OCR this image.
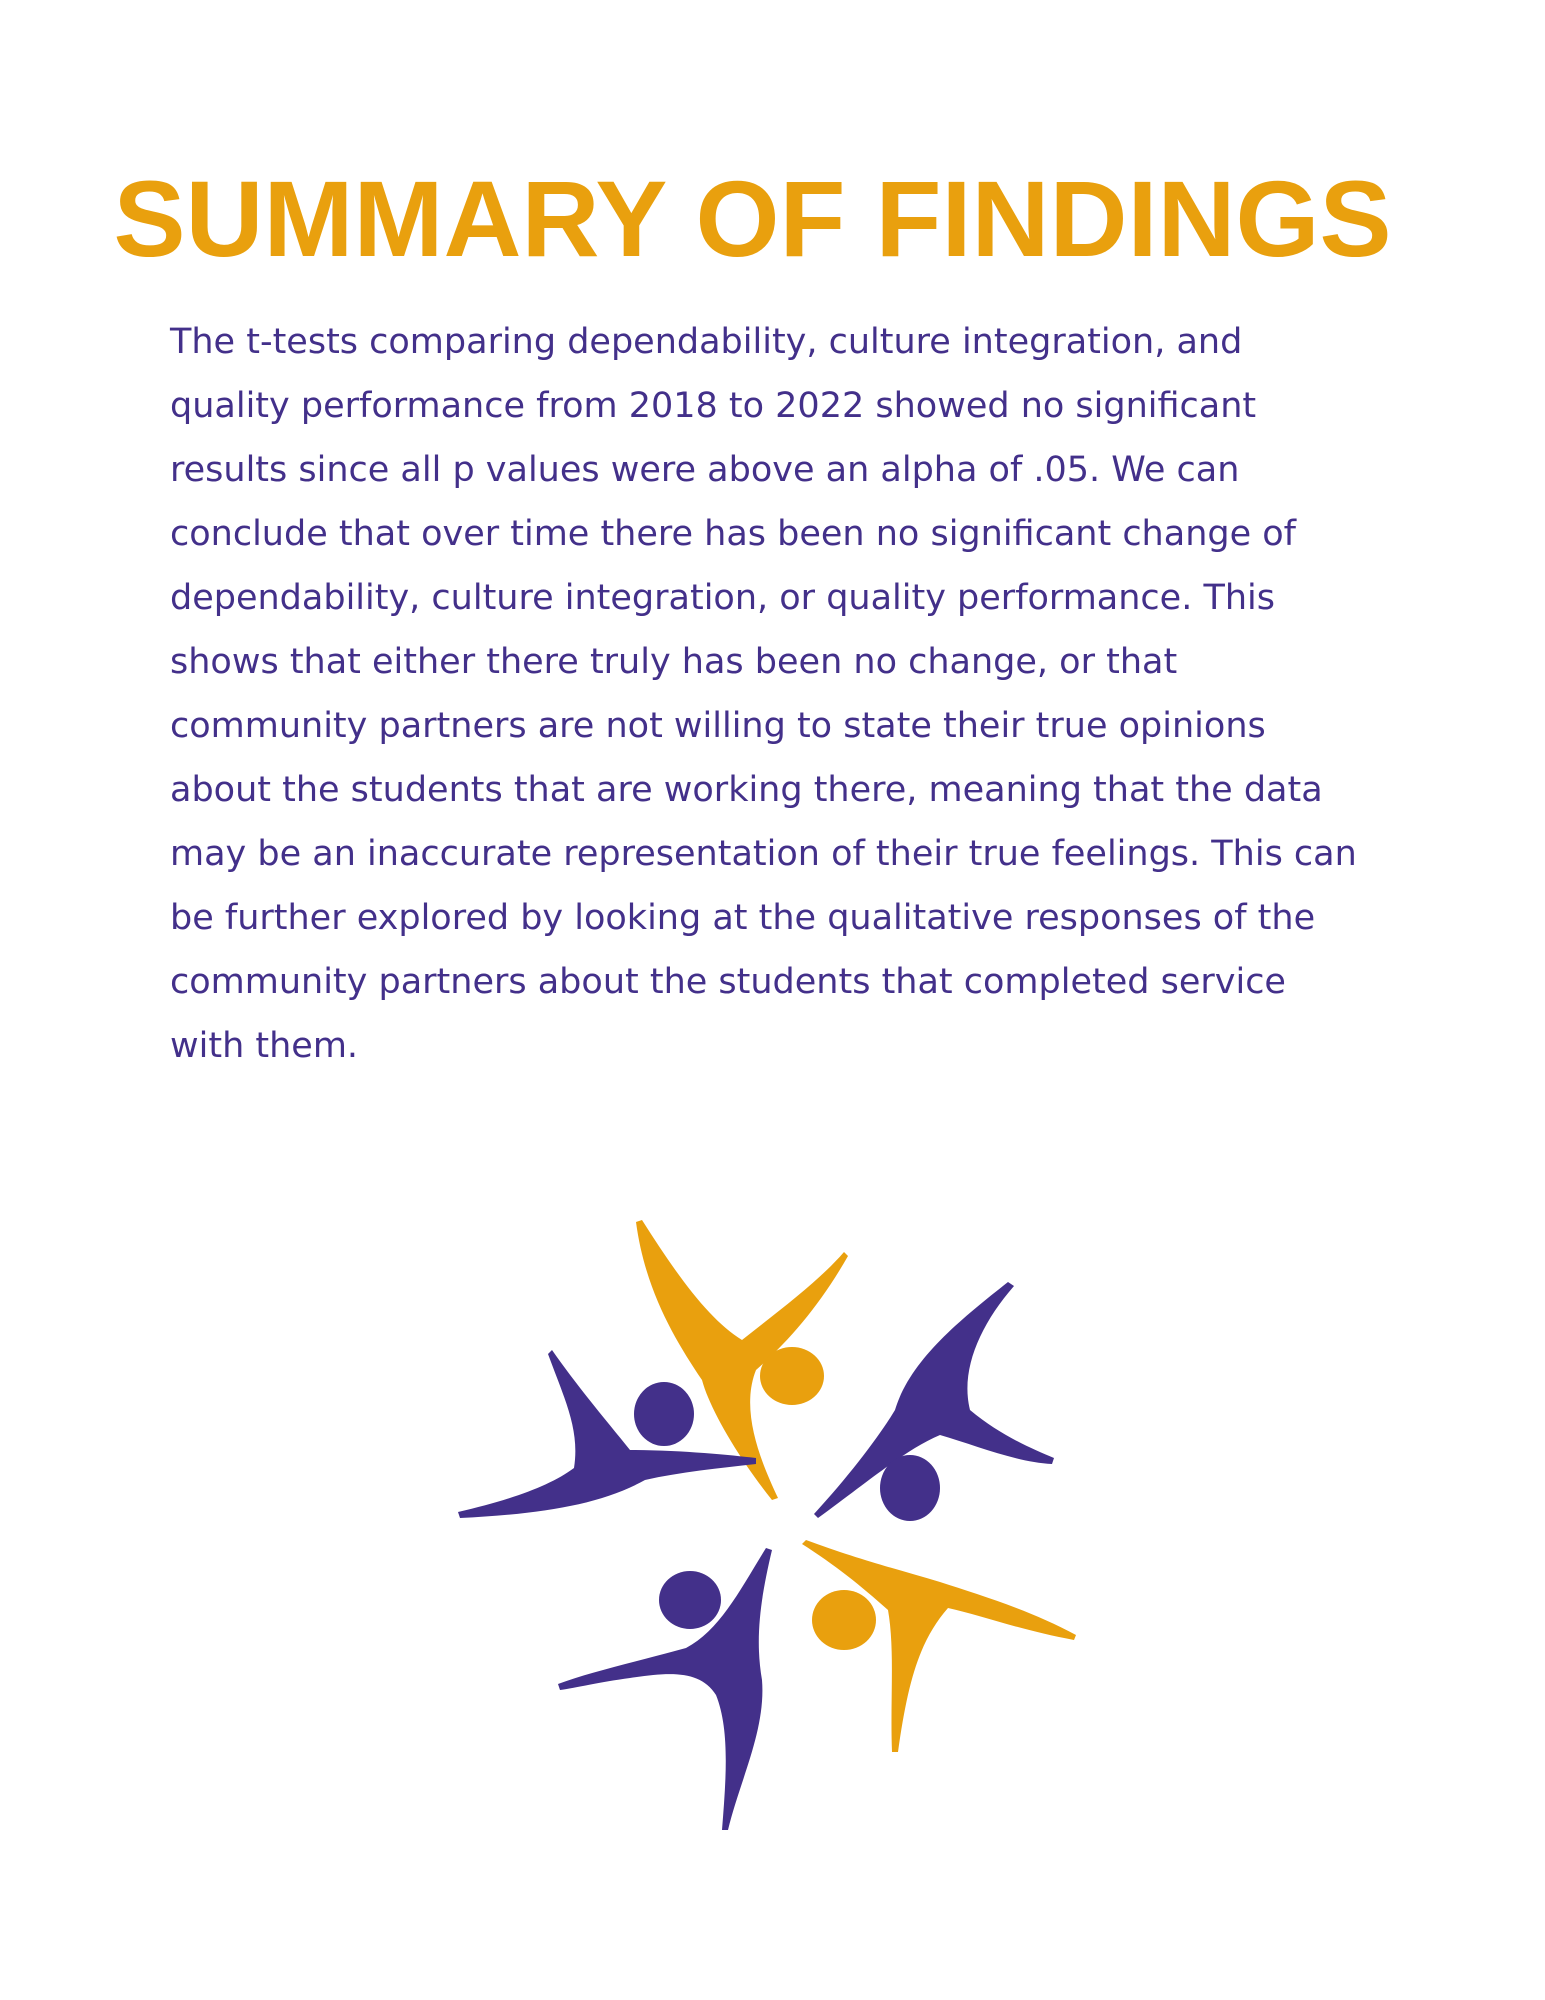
SUMMARY OF FINDINGS

The t-tests comparing dependability, culture integration, and quality performance from 2018 to 2022 showed no significant results since all p values were above an alpha of .05. We can conclude that over time there has been no significant change of dependability, culture integration, or quality performance. This shows that either there truly has been no change, or that community partners are not willing to state their true opinions about the students that are working there, meaning that the data may be an inaccurate representation of their true feelings. This can be further explored by looking at the qualitative responses of the community partners about the students that completed service with them.
